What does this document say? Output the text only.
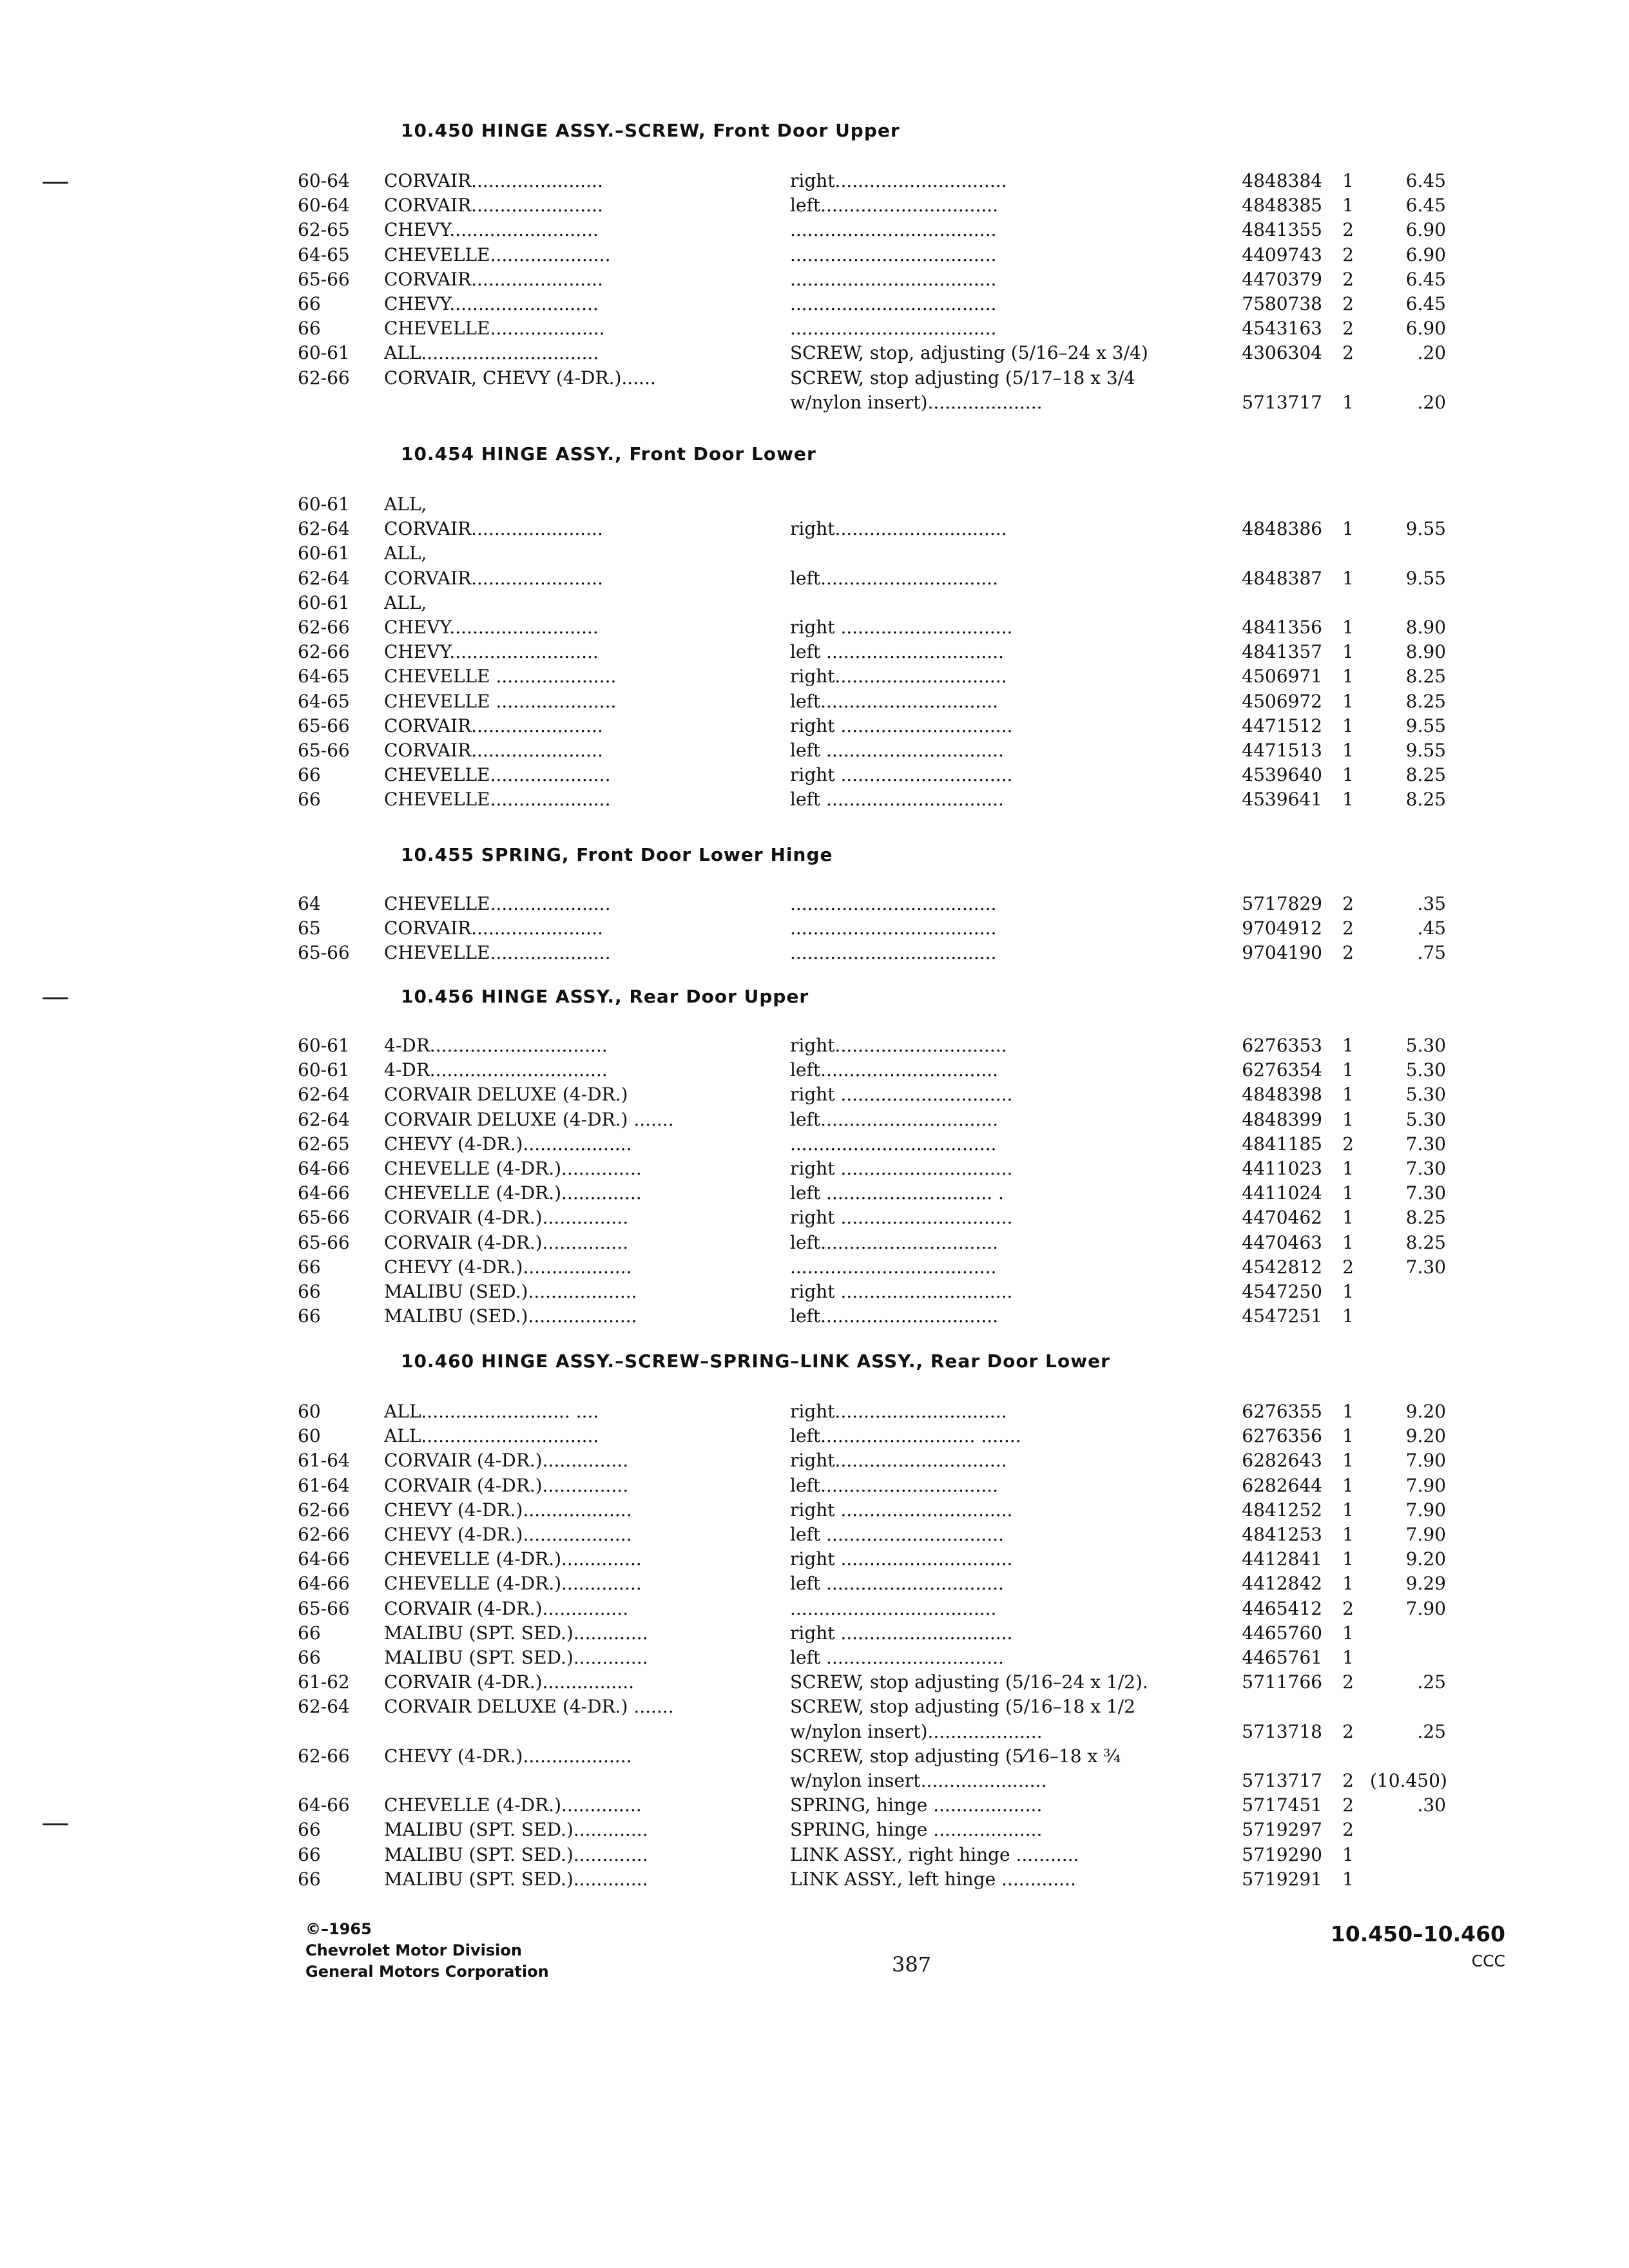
10.450 HINGE ASSY.–SCREW, Front Door Upper
60-64	CORVAIR.......................	right..............................	4848384	1	6.45
60-64	CORVAIR.......................	left...............................	4848385	1	6.45
62-65	CHEVY..........................	....................................	4841355	2	6.90
64-65	CHEVELLE.....................	....................................	4409743	2	6.90
65-66	CORVAIR.......................	....................................	4470379	2	6.45
66	CHEVY..........................	....................................	7580738	2	6.45
66	CHEVELLE....................	....................................	4543163	2	6.90
60-61	ALL...............................	SCREW, stop, adjusting (5/16–24 x 3/4)	4306304	2	.20
62-66	CORVAIR, CHEVY (4-DR.)......	SCREW, stop adjusting (5/17–18 x 3/4
w/nylon insert)....................	5713717	1	.20
10.454 HINGE ASSY., Front Door Lower
60-61	ALL,
62-64	CORVAIR.......................	right..............................	4848386	1	9.55
60-61	ALL,
62-64	CORVAIR.......................	left...............................	4848387	1	9.55
60-61	ALL,
62-66	CHEVY..........................	right ..............................	4841356	1	8.90
62-66	CHEVY..........................	left ...............................	4841357	1	8.90
64-65	CHEVELLE .....................	right..............................	4506971	1	8.25
64-65	CHEVELLE .....................	left...............................	4506972	1	8.25
65-66	CORVAIR.......................	right ..............................	4471512	1	9.55
65-66	CORVAIR.......................	left ...............................	4471513	1	9.55
66	CHEVELLE.....................	right ..............................	4539640	1	8.25
66	CHEVELLE.....................	left ...............................	4539641	1	8.25
10.455 SPRING, Front Door Lower Hinge
64	CHEVELLE.....................	....................................	5717829	2	.35
65	CORVAIR.......................	....................................	9704912	2	.45
65-66	CHEVELLE.....................	....................................	9704190	2	.75
10.456 HINGE ASSY., Rear Door Upper
60-61	4-DR...............................	right..............................	6276353	1	5.30
60-61	4-DR...............................	left...............................	6276354	1	5.30
62-64	CORVAIR DELUXE (4-DR.)	right ..............................	4848398	1	5.30
62-64	CORVAIR DELUXE (4-DR.) .......	left...............................	4848399	1	5.30
62-65	CHEVY (4-DR.)...................	....................................	4841185	2	7.30
64-66	CHEVELLE (4-DR.)..............	right ..............................	4411023	1	7.30
64-66	CHEVELLE (4-DR.)..............	left ............................. .	4411024	1	7.30
65-66	CORVAIR (4-DR.)...............	right ..............................	4470462	1	8.25
65-66	CORVAIR (4-DR.)...............	left...............................	4470463	1	8.25
66	CHEVY (4-DR.)...................	....................................	4542812	2	7.30
66	MALIBU (SED.)...................	right ..............................	4547250	1
66	MALIBU (SED.)...................	left...............................	4547251	1
10.460 HINGE ASSY.–SCREW–SPRING–LINK ASSY., Rear Door Lower
60	ALL.......................... ....	right..............................	6276355	1	9.20
60	ALL...............................	left........................... .......	6276356	1	9.20
61-64	CORVAIR (4-DR.)...............	right..............................	6282643	1	7.90
61-64	CORVAIR (4-DR.)...............	left...............................	6282644	1	7.90
62-66	CHEVY (4-DR.)...................	right ..............................	4841252	1	7.90
62-66	CHEVY (4-DR.)...................	left ...............................	4841253	1	7.90
64-66	CHEVELLE (4-DR.)..............	right ..............................	4412841	1	9.20
64-66	CHEVELLE (4-DR.)..............	left ...............................	4412842	1	9.29
65-66	CORVAIR (4-DR.)...............	....................................	4465412	2	7.90
66	MALIBU (SPT. SED.).............	right ..............................	4465760	1
66	MALIBU (SPT. SED.).............	left ...............................	4465761	1
61-62	CORVAIR (4-DR.)................	SCREW, stop adjusting (5/16–24 x 1/2).	5711766	2	.25
62-64	CORVAIR DELUXE (4-DR.) .......	SCREW, stop adjusting (5/16–18 x 1/2
w/nylon insert)....................	5713718	2	.25
62-66	CHEVY (4-DR.)...................	SCREW, stop adjusting (5⁄16–18 x ¾
w/nylon insert......................	5713717	2 (10.450)
64-66	CHEVELLE (4-DR.)..............	SPRING, hinge ...................	5717451	2	.30
66	MALIBU (SPT. SED.).............	SPRING, hinge ...................	5719297	2
66	MALIBU (SPT. SED.).............	LINK ASSY., right hinge ...........	5719290	1
66	MALIBU (SPT. SED.).............	LINK ASSY., left hinge .............	5719291	1
©–1965
Chevrolet Motor Division
General Motors Corporation	387
10.450–10.460
CCC
